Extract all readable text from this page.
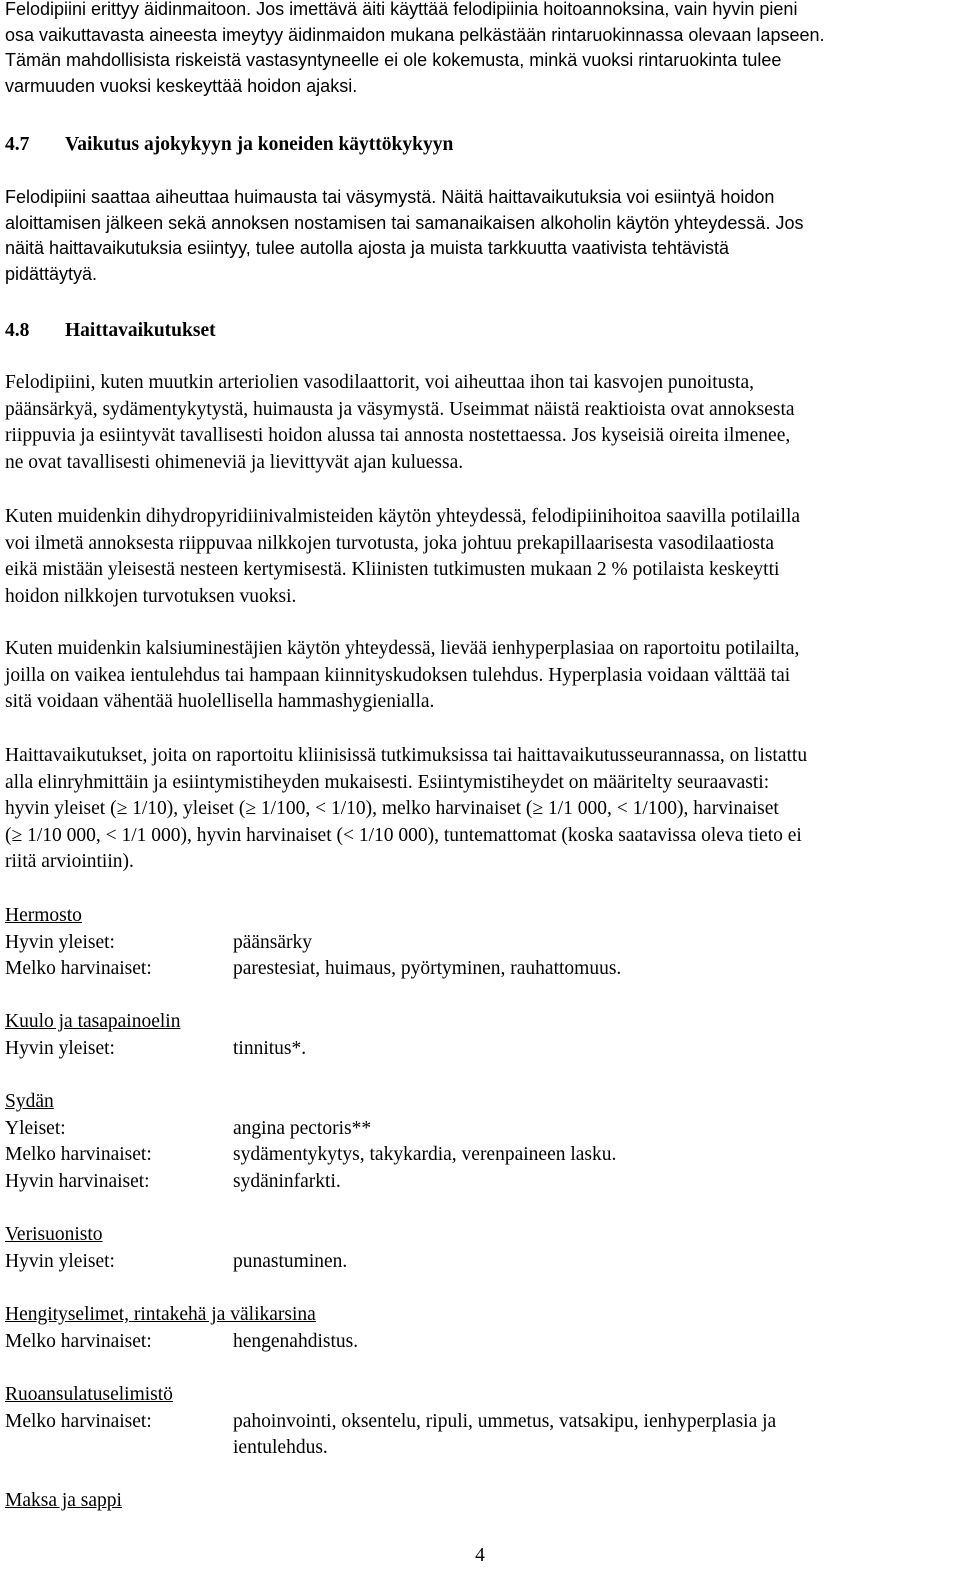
Felodipiini erittyy äidinmaitoon. Jos imettävä äiti käyttää felodipiinia hoitoannoksina, vain hyvin pieni

osa vaikuttavasta aineesta imeytyy äidinmaidon mukana pelkästään rintaruokinnassa olevaan lapseen.

Tämän mahdollisista riskeistä vastasyntyneelle ei ole kokemusta, minkä vuoksi rintaruokinta tulee

varmuuden vuoksi keskeyttää hoidon ajaksi.

4.7	Vaikutus ajokykyyn ja koneiden käyttökykyyn

Felodipiini saattaa aiheuttaa huimausta tai väsymystä. Näitä haittavaikutuksia voi esiintyä hoidon

aloittamisen jälkeen sekä annoksen nostamisen tai samanaikaisen alkoholin käytön yhteydessä. Jos

näitä haittavaikutuksia esiintyy, tulee autolla ajosta ja muista tarkkuutta vaativista tehtävistä

pidättäytyä.

4.8	Haittavaikutukset

Felodipiini, kuten muutkin arteriolien vasodilaattorit, voi aiheuttaa ihon tai kasvojen punoitusta,

päänsärkyä, sydämentykytystä, huimausta ja väsymystä. Useimmat näistä reaktioista ovat annoksesta

riippuvia ja esiintyvät tavallisesti hoidon alussa tai annosta nostettaessa. Jos kyseisiä oireita ilmenee,

ne ovat tavallisesti ohimeneviä ja lievittyvät ajan kuluessa.

Kuten muidenkin dihydropyridiinivalmisteiden käytön yhteydessä, felodipiinihoitoa saavilla potilailla

voi ilmetä annoksesta riippuvaa nilkkojen turvotusta, joka johtuu prekapillaarisesta vasodilaatiosta

eikä mistään yleisestä nesteen kertymisestä. Kliinisten tutkimusten mukaan 2 % potilaista keskeytti

hoidon nilkkojen turvotuksen vuoksi.

Kuten muidenkin kalsiuminestäjien käytön yhteydessä, lievää ienhyperplasiaa on raportoitu potilailta,

joilla on vaikea ientulehdus tai hampaan kiinnityskudoksen tulehdus. Hyperplasia voidaan välttää tai

sitä voidaan vähentää huolellisella hammashygienialla.

Haittavaikutukset, joita on raportoitu kliinisissä tutkimuksissa tai haittavaikutusseurannassa, on listattu

alla elinryhmittäin ja esiintymistiheyden mukaisesti. Esiintymistiheydet on määritelty seuraavasti:

hyvin yleiset (≥ 1/10), yleiset (≥ 1/100, < 1/10), melko harvinaiset (≥ 1/1 000, < 1/100), harvinaiset

(≥ 1/10 000, < 1/1 000), hyvin harvinaiset (< 1/10 000), tuntemattomat (koska saatavissa oleva tieto ei

riitä arviointiin).

Hermosto

Hyvin yleiset:	päänsärky
Melko harvinaiset:	parestesiat, huimaus, pyörtyminen, rauhattomuus.

Kuulo ja tasapainoelin

Hyvin yleiset:	tinnitus*.

Sydän

Yleiset:	angina pectoris**
Melko harvinaiset:	sydämentykytys, takykardia, verenpaineen lasku.
Hyvin harvinaiset:	sydäninfarkti.

Verisuonisto

Hyvin yleiset:	punastuminen.

Hengityselimet, rintakehä ja välikarsina

Melko harvinaiset:	hengenahdistus.

Ruoansulatuselimistö

Melko harvinaiset:	pahoinvointi, oksentelu, ripuli, ummetus, vatsakipu, ienhyperplasia ja
ientulehdus.

Maksa ja sappi

4
